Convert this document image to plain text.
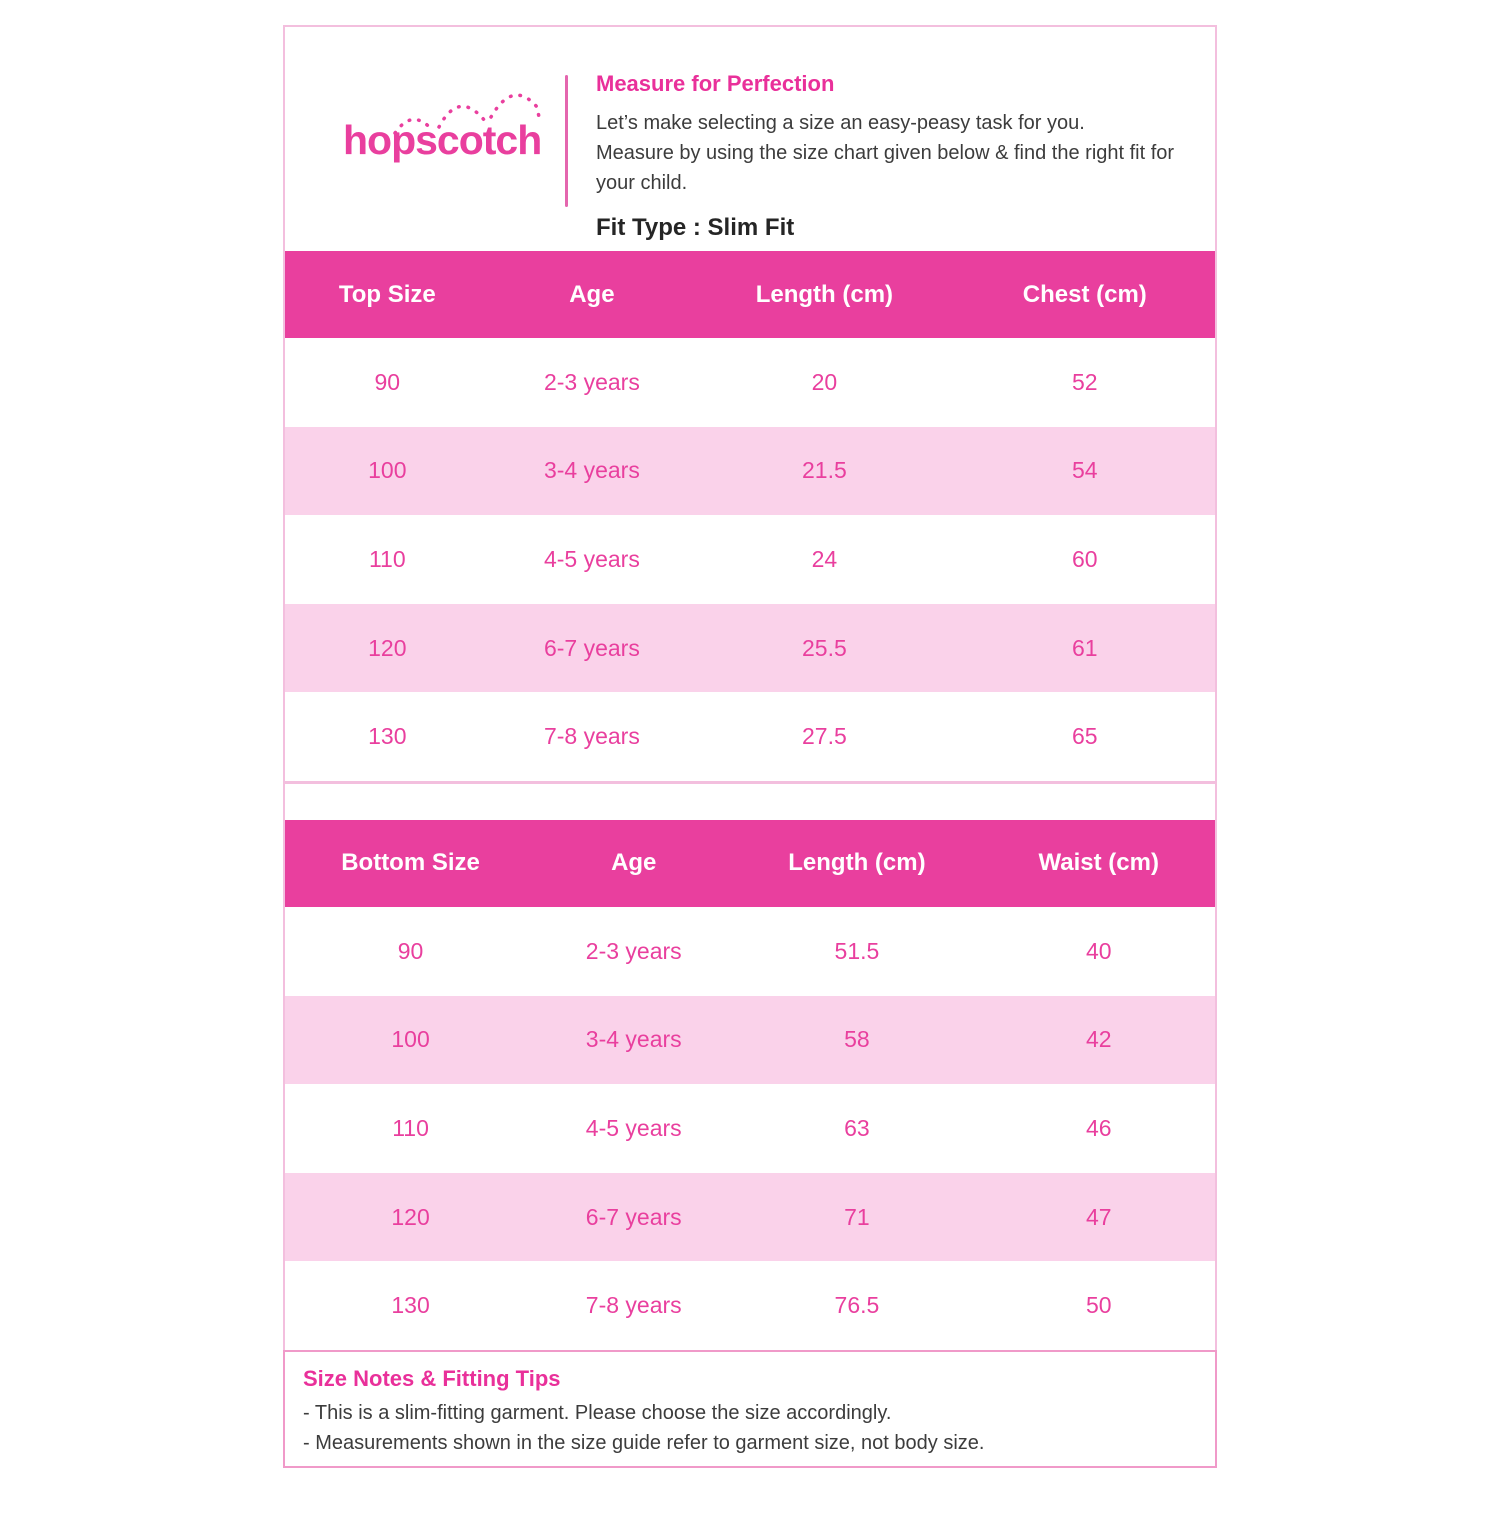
hopscotch
Measure for Perfection
Let’s make selecting a size an easy-peasy task for you.
Measure by using the size chart given below & find the right fit for your child.
Fit Type : Slim Fit
Top Size	Age	Length (cm)	Chest (cm)
90	2-3 years	20	52
100	3-4 years	21.5	54
110	4-5 years	24	60
120	6-7 years	25.5	61
130	7-8 years	27.5	65
Bottom Size	Age	Length (cm)	Waist (cm)
90	2-3 years	51.5	40
100	3-4 years	58	42
110	4-5 years	63	46
120	6-7 years	71	47
130	7-8 years	76.5	50
Size Notes & Fitting Tips
- This is a slim-fitting garment. Please choose the size accordingly.
- Measurements shown in the size guide refer to garment size, not body size.
